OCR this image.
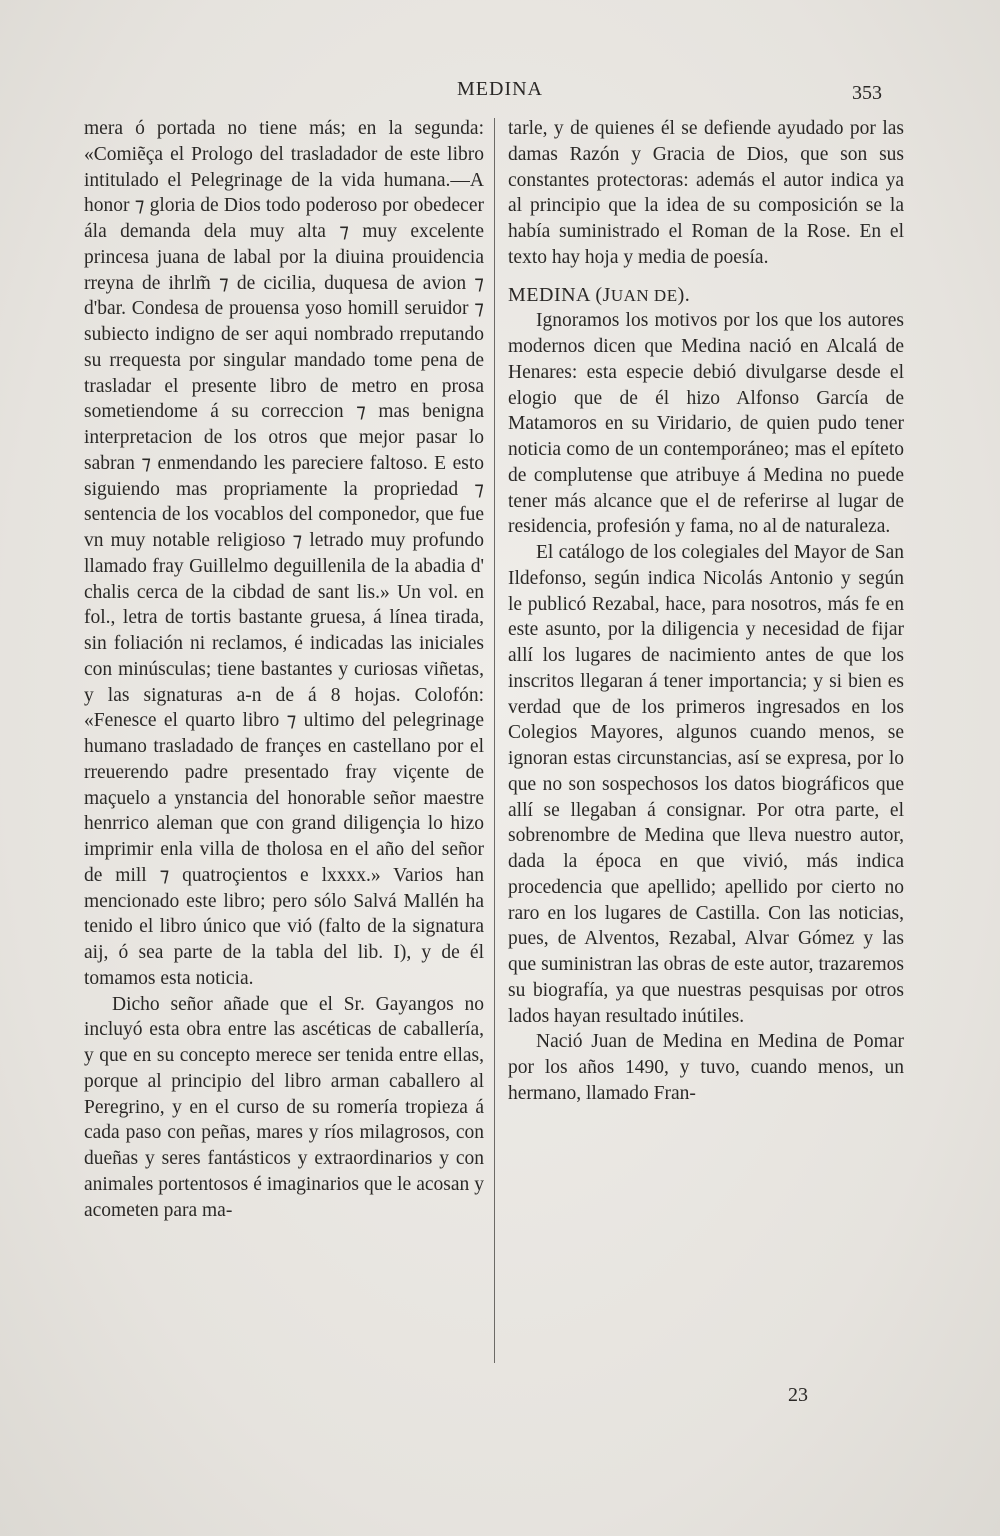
MEDINA	353

mera ó portada no tiene más; en la segunda: «Comiẽça el Prologo del trasladador de este libro intitulado el Pelegrinage de la vida humana.—A honor ⁊ gloria de Dios todo poderoso por obedecer ála demanda dela muy alta ⁊ muy excelente princesa juana de labal por la diuina prouidencia rreyna de ihrlm̃ ⁊ de cicilia, duquesa de avion ⁊ d'bar. Condesa de prouensa yoso homill seruidor ⁊ subiecto indigno de ser aqui nombrado rreputando su rrequesta por singular mandado tome pena de trasladar el presente libro de metro en prosa sometiendome á su correccion ⁊ mas benigna interpretacion de los otros que mejor pasar lo sabran ⁊ enmendando les pareciere faltoso. E esto siguiendo mas propriamente la propriedad ⁊ sentencia de los vocablos del componedor, que fue vn muy notable religioso ⁊ letrado muy profundo llamado fray Guillelmo deguillenila de la abadia d' chalis cerca de la cibdad de sant lis.» Un vol. en fol., letra de tortis bastante gruesa, á línea tirada, sin foliación ni reclamos, é indicadas las iniciales con minúsculas; tiene bastantes y curiosas viñetas, y las signaturas a-n de á 8 hojas. Colofón: «Fenesce el quarto libro ⁊ ultimo del pelegrinage humano trasladado de françes en castellano por el rreuerendo padre presentado fray viçente de maçuelo a ynstancia del honorable señor maestre henrrico aleman que con grand diligençia lo hizo imprimir enla villa de tholosa en el año del señor de mill ⁊ quatroçientos e lxxxx.» Varios han mencionado este libro; pero sólo Salvá Mallén ha tenido el libro único que vió (falto de la signatura aij, ó sea parte de la tabla del lib. I), y de él tomamos esta noticia.

Dicho señor añade que el Sr. Gayangos no incluyó esta obra entre las ascéticas de caballería, y que en su concepto merece ser tenida entre ellas, porque al principio del libro arman caballero al Peregrino, y en el curso de su romería tropieza á cada paso con peñas, mares y ríos milagrosos, con dueñas y seres fantásticos y extraordinarios y con animales portentosos é imaginarios que le acosan y acometen para ma-

tarle, y de quienes él se defiende ayudado por las damas Razón y Gracia de Dios, que son sus constantes protectoras: además el autor indica ya al principio que la idea de su composición se la había suministrado el Roman de la Rose. En el texto hay hoja y media de poesía.

MEDINA (JUAN DE).

Ignoramos los motivos por los que los autores modernos dicen que Medina nació en Alcalá de Henares: esta especie debió divulgarse desde el elogio que de él hizo Alfonso García de Matamoros en su Viridario, de quien pudo tener noticia como de un contemporáneo; mas el epíteto de complutense que atribuye á Medina no puede tener más alcance que el de referirse al lugar de residencia, profesión y fama, no al de naturaleza.

El catálogo de los colegiales del Mayor de San Ildefonso, según indica Nicolás Antonio y según le publicó Rezabal, hace, para nosotros, más fe en este asunto, por la diligencia y necesidad de fijar allí los lugares de nacimiento antes de que los inscritos llegaran á tener importancia; y si bien es verdad que de los primeros ingresados en los Colegios Mayores, algunos cuando menos, se ignoran estas circunstancias, así se expresa, por lo que no son sospechosos los datos biográficos que allí se llegaban á consignar. Por otra parte, el sobrenombre de Medina que lleva nuestro autor, dada la época en que vivió, más indica procedencia que apellido; apellido por cierto no raro en los lugares de Castilla. Con las noticias, pues, de Alventos, Rezabal, Alvar Gómez y las que suministran las obras de este autor, trazaremos su biografía, ya que nuestras pesquisas por otros lados hayan resultado inútiles.

Nació Juan de Medina en Medina de Pomar por los años 1490, y tuvo, cuando menos, un hermano, llamado Fran-

23
